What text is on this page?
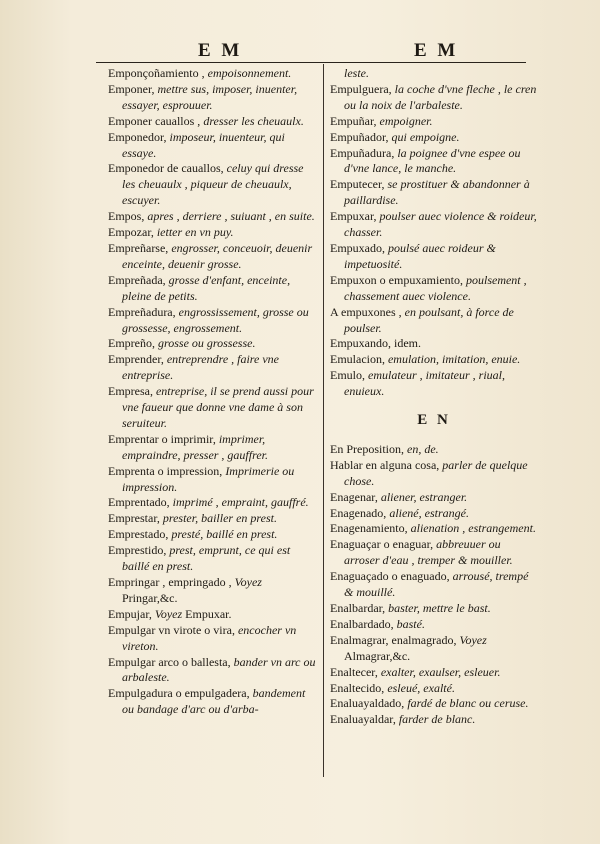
E M	E M

Emponçoñamiento , empoisonnement.

Emponer, mettre sus, imposer, inuenter, essayer, esprouuer.

Emponer cauallos , dresser les cheuaulx.

Emponedor, imposeur, inuenteur, qui essaye.

Emponedor de cauallos, celuy qui dresse les cheuaulx , piqueur de cheuaulx, escuyer.

Empos, apres , derriere , suiuant , en suite.

Empozar, ietter en vn puy.

Empreñarse, engrosser, conceuoir, deuenir enceinte, deuenir grosse.

Empreñada, grosse d'enfant, enceinte, pleine de petits.

Empreñadura, engrossissement, grosse ou grossesse, engrossement.

Empreño, grosse ou grossesse.

Emprender, entreprendre , faire vne entreprise.

Empresa, entreprise, il se prend aussi pour vne faueur que donne vne dame à son seruiteur.

Emprentar o imprimir, imprimer, empraindre, presser , gauffrer.

Emprenta o impression, Imprimerie ou impression.

Emprentado, imprimé , empraint, gauffré.

Emprestar, prester, bailler en prest.

Emprestado, presté, baillé en prest.

Emprestido, prest, emprunt, ce qui est baillé en prest.

Empringar , empringado , Voyez Pringar,&c.

Empujar, Voyez Empuxar.

Empulgar vn virote o vira, encocher vn vireton.

Empulgar arco o ballesta, bander vn arc ou arbaleste.

Empulgadura o empulgadera, bandement ou bandage d'arc ou d'arba-

leste.

Empulguera, la coche d'vne fleche , le cren ou la noix de l'arbaleste.

Empuñar, empoigner.

Empuñador, qui empoigne.

Empuñadura, la poignee d'vne espee ou d'vne lance, le manche.

Emputecer, se prostituer & abandonner à paillardise.

Empuxar, poulser auec violence & roideur, chasser.

Empuxado, poulsé auec roideur & impetuosité.

Empuxon o empuxamiento, poulsement , chassement auec violence.

A empuxones , en poulsant, à force de poulser.

Empuxando, idem.

Emulacion, emulation, imitation, enuie.

Emulo, emulateur , imitateur , riual, enuieux.

E N

En Preposition, en, de.

Hablar en alguna cosa, parler de quelque chose.

Enagenar, aliener, estranger.

Enagenado, aliené, estrangé.

Enagenamiento, alienation , estrangement.

Enaguaçar o enaguar, abbreuuer ou arroser d'eau , tremper & mouiller.

Enaguaçado o enaguado, arrousé, trempé & mouillé.

Enalbardar, baster, mettre le bast.

Enalbardado, basté.

Enalmagrar, enalmagrado, Voyez Almagrar,&c.

Enaltecer, exalter, exaulser, esleuer.

Enaltecido, esleué, exalté.

Enaluayaldado, fardé de blanc ou ceruse.

Enaluayaldar, farder de blanc.
